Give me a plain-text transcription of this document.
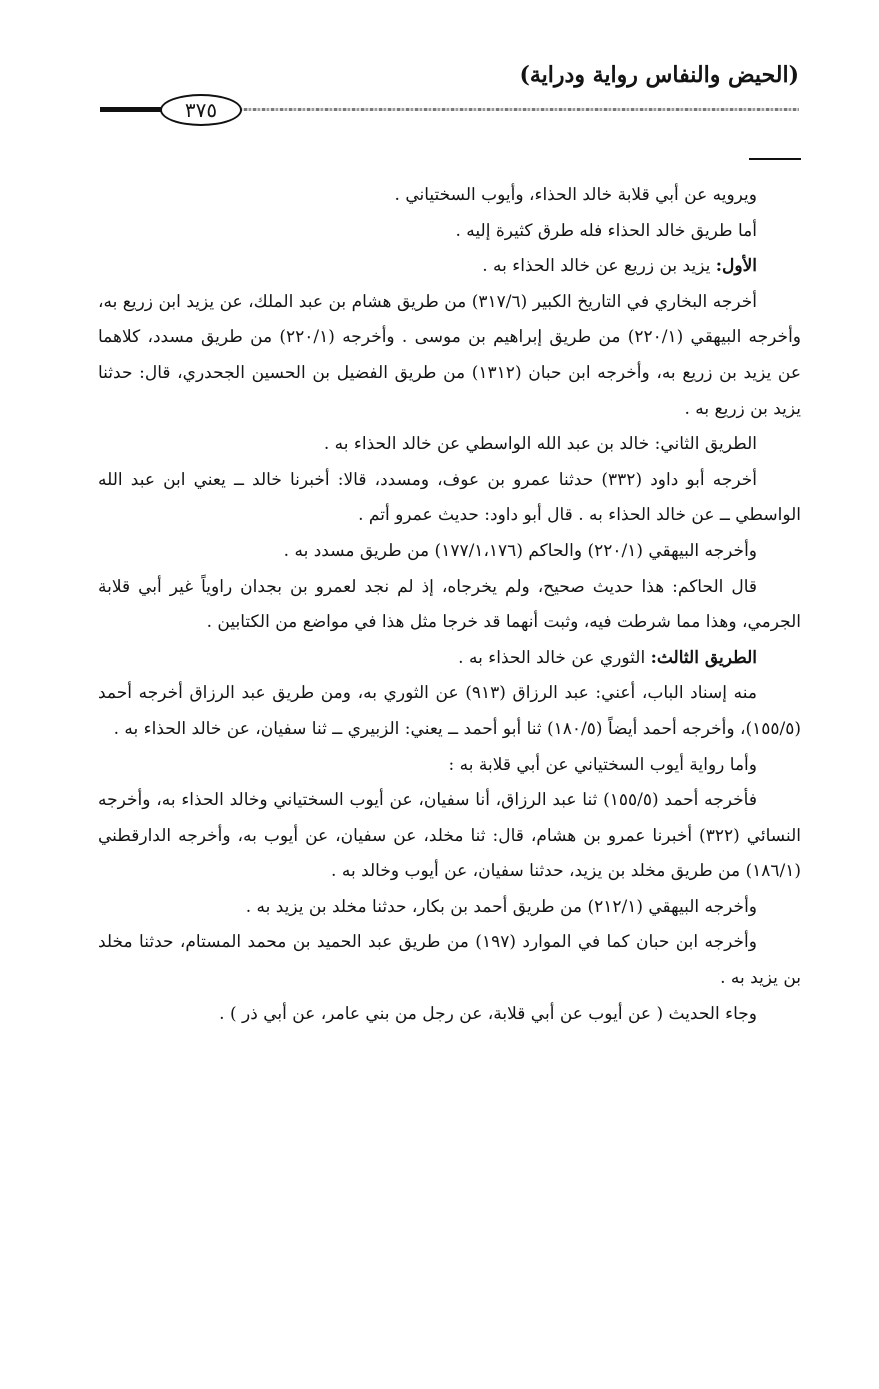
(الحيض والنفاس رواية ودراية)
٣٧٥

ويرويه عن أبي قلابة خالد الحذاء، وأيوب السختياني .

أما طريق خالد الحذاء فله طرق كثيرة إليه .

الأول: يزيد بن زريع عن خالد الحذاء به .

أخرجه البخاري في التاريخ الكبير (٣١٧/٦) من طريق هشام بن عبد الملك، عن يزيد ابن زريع به، وأخرجه البيهقي (٢٢٠/١) من طريق إبراهيم بن موسى . وأخرجه (٢٢٠/١) من طريق مسدد، كلاهما عن يزيد بن زريع به، وأخرجه ابن حبان (١٣١٢) من طريق الفضيل بن الحسين الجحدري، قال: حدثنا يزيد بن زريع به .

الطريق الثاني: خالد بن عبد الله الواسطي عن خالد الحذاء به .

أخرجه أبو داود (٣٣٢) حدثنا عمرو بن عوف، ومسدد، قالا: أخبرنا خالد ــ يعني ابن عبد الله الواسطي ــ عن خالد الحذاء به . قال أبو داود: حديث عمرو أتم .

وأخرجه البيهقي (٢٢٠/١) والحاكم (١٧٧/١،١٧٦) من طريق مسدد به .

قال الحاكم: هذا حديث صحيح، ولم يخرجاه، إذ لم نجد لعمرو بن بجدان راوياً غير أبي قلابة الجرمي، وهذا مما شرطت فيه، وثبت أنهما قد خرجا مثل هذا في مواضع من الكتابين .

الطريق الثالث: الثوري عن خالد الحذاء به .

منه إسناد الباب، أعني: عبد الرزاق (٩١٣) عن الثوري به، ومن طريق عبد الرزاق أخرجه أحمد (١٥٥/٥)، وأخرجه أحمد أيضاً (١٨٠/٥) ثنا أبو أحمد ــ يعني: الزبيري ــ ثنا سفيان، عن خالد الحذاء به .

وأما رواية أيوب السختياني عن أبي قلابة به :

فأخرجه أحمد (١٥٥/٥) ثنا عبد الرزاق، أنا سفيان، عن أيوب السختياني وخالد الحذاء به، وأخرجه النسائي (٣٢٢) أخبرنا عمرو بن هشام، قال: ثنا مخلد، عن سفيان، عن أيوب به، وأخرجه الدارقطني (١٨٦/١) من طريق مخلد بن يزيد، حدثنا سفيان، عن أيوب وخالد به .

وأخرجه البيهقي (٢١٢/١) من طريق أحمد بن بكار، حدثنا مخلد بن يزيد به .

وأخرجه ابن حبان كما في الموارد (١٩٧) من طريق عبد الحميد بن محمد المستام، حدثنا مخلد بن يزيد به .

وجاء الحديث ( عن أيوب عن أبي قلابة، عن رجل من بني عامر، عن أبي ذر ) .
